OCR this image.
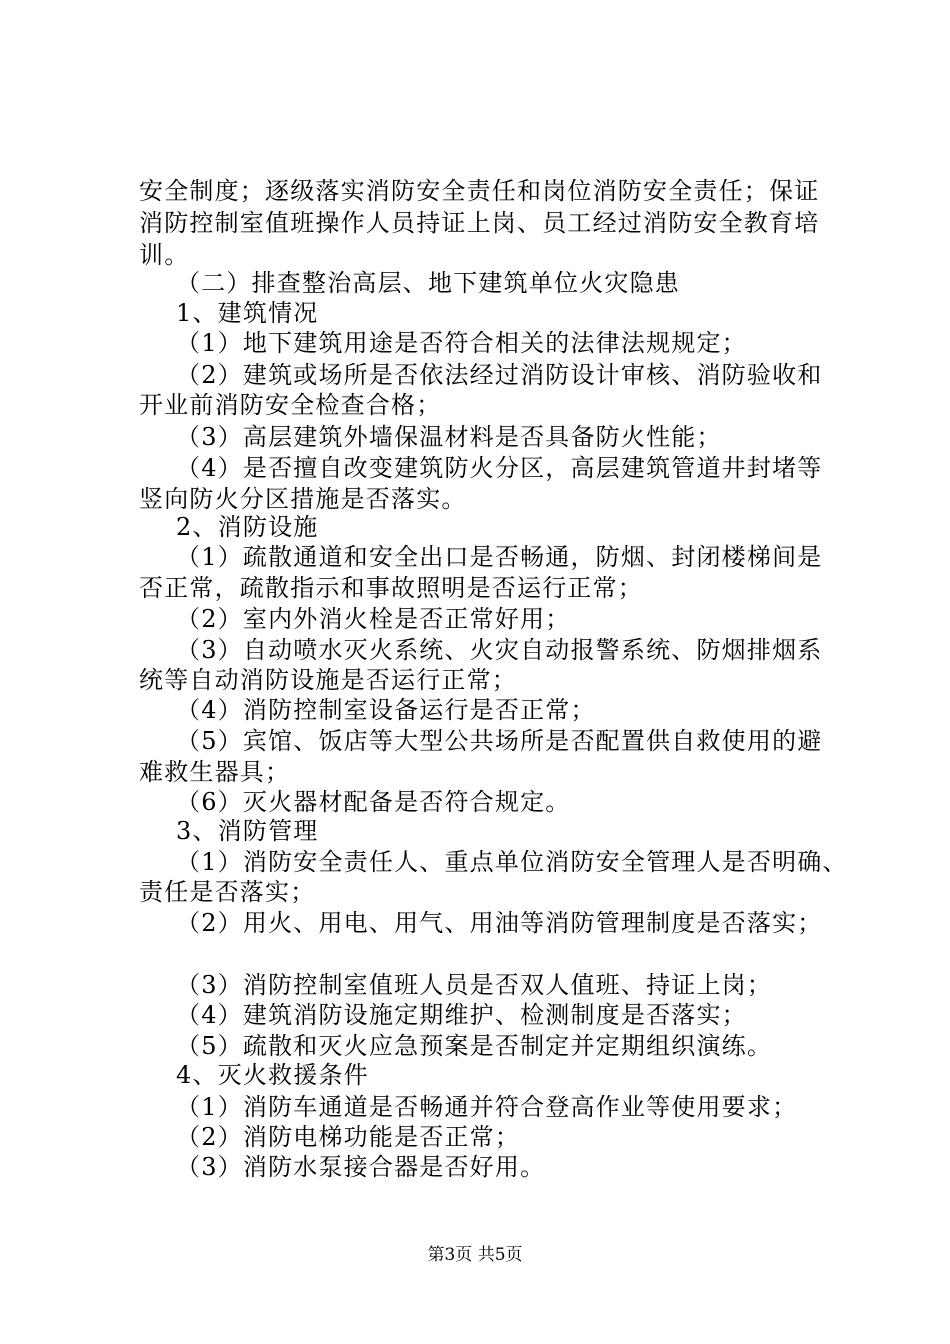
安全制度；逐级落实消防安全责任和岗位消防安全责任；保证
消防控制室值班操作人员持证上岗、员工经过消防安全教育培
训。
（二）排查整治高层、地下建筑单位火灾隐患
1、建筑情况
（1）地下建筑用途是否符合相关的法律法规规定；
（2）建筑或场所是否依法经过消防设计审核、消防验收和
开业前消防安全检查合格；
（3）高层建筑外墙保温材料是否具备防火性能；
（4）是否擅自改变建筑防火分区，高层建筑管道井封堵等
竖向防火分区措施是否落实。
2、消防设施
（1）疏散通道和安全出口是否畅通，防烟、封闭楼梯间是
否正常，疏散指示和事故照明是否运行正常；
（2）室内外消火栓是否正常好用；
（3）自动喷水灭火系统、火灾自动报警系统、防烟排烟系
统等自动消防设施是否运行正常；
（4）消防控制室设备运行是否正常；
（5）宾馆、饭店等大型公共场所是否配置供自救使用的避
难救生器具；
（6）灭火器材配备是否符合规定。
3、消防管理
（1）消防安全责任人、重点单位消防安全管理人是否明确、
责任是否落实；
（2）用火、用电、用气、用油等消防管理制度是否落实；
（3）消防控制室值班人员是否双人值班、持证上岗；
（4）建筑消防设施定期维护、检测制度是否落实；
（5）疏散和灭火应急预案是否制定并定期组织演练。
4、灭火救援条件
（1）消防车通道是否畅通并符合登高作业等使用要求；
（2）消防电梯功能是否正常；
（3）消防水泵接合器是否好用。
第3页 共5页
